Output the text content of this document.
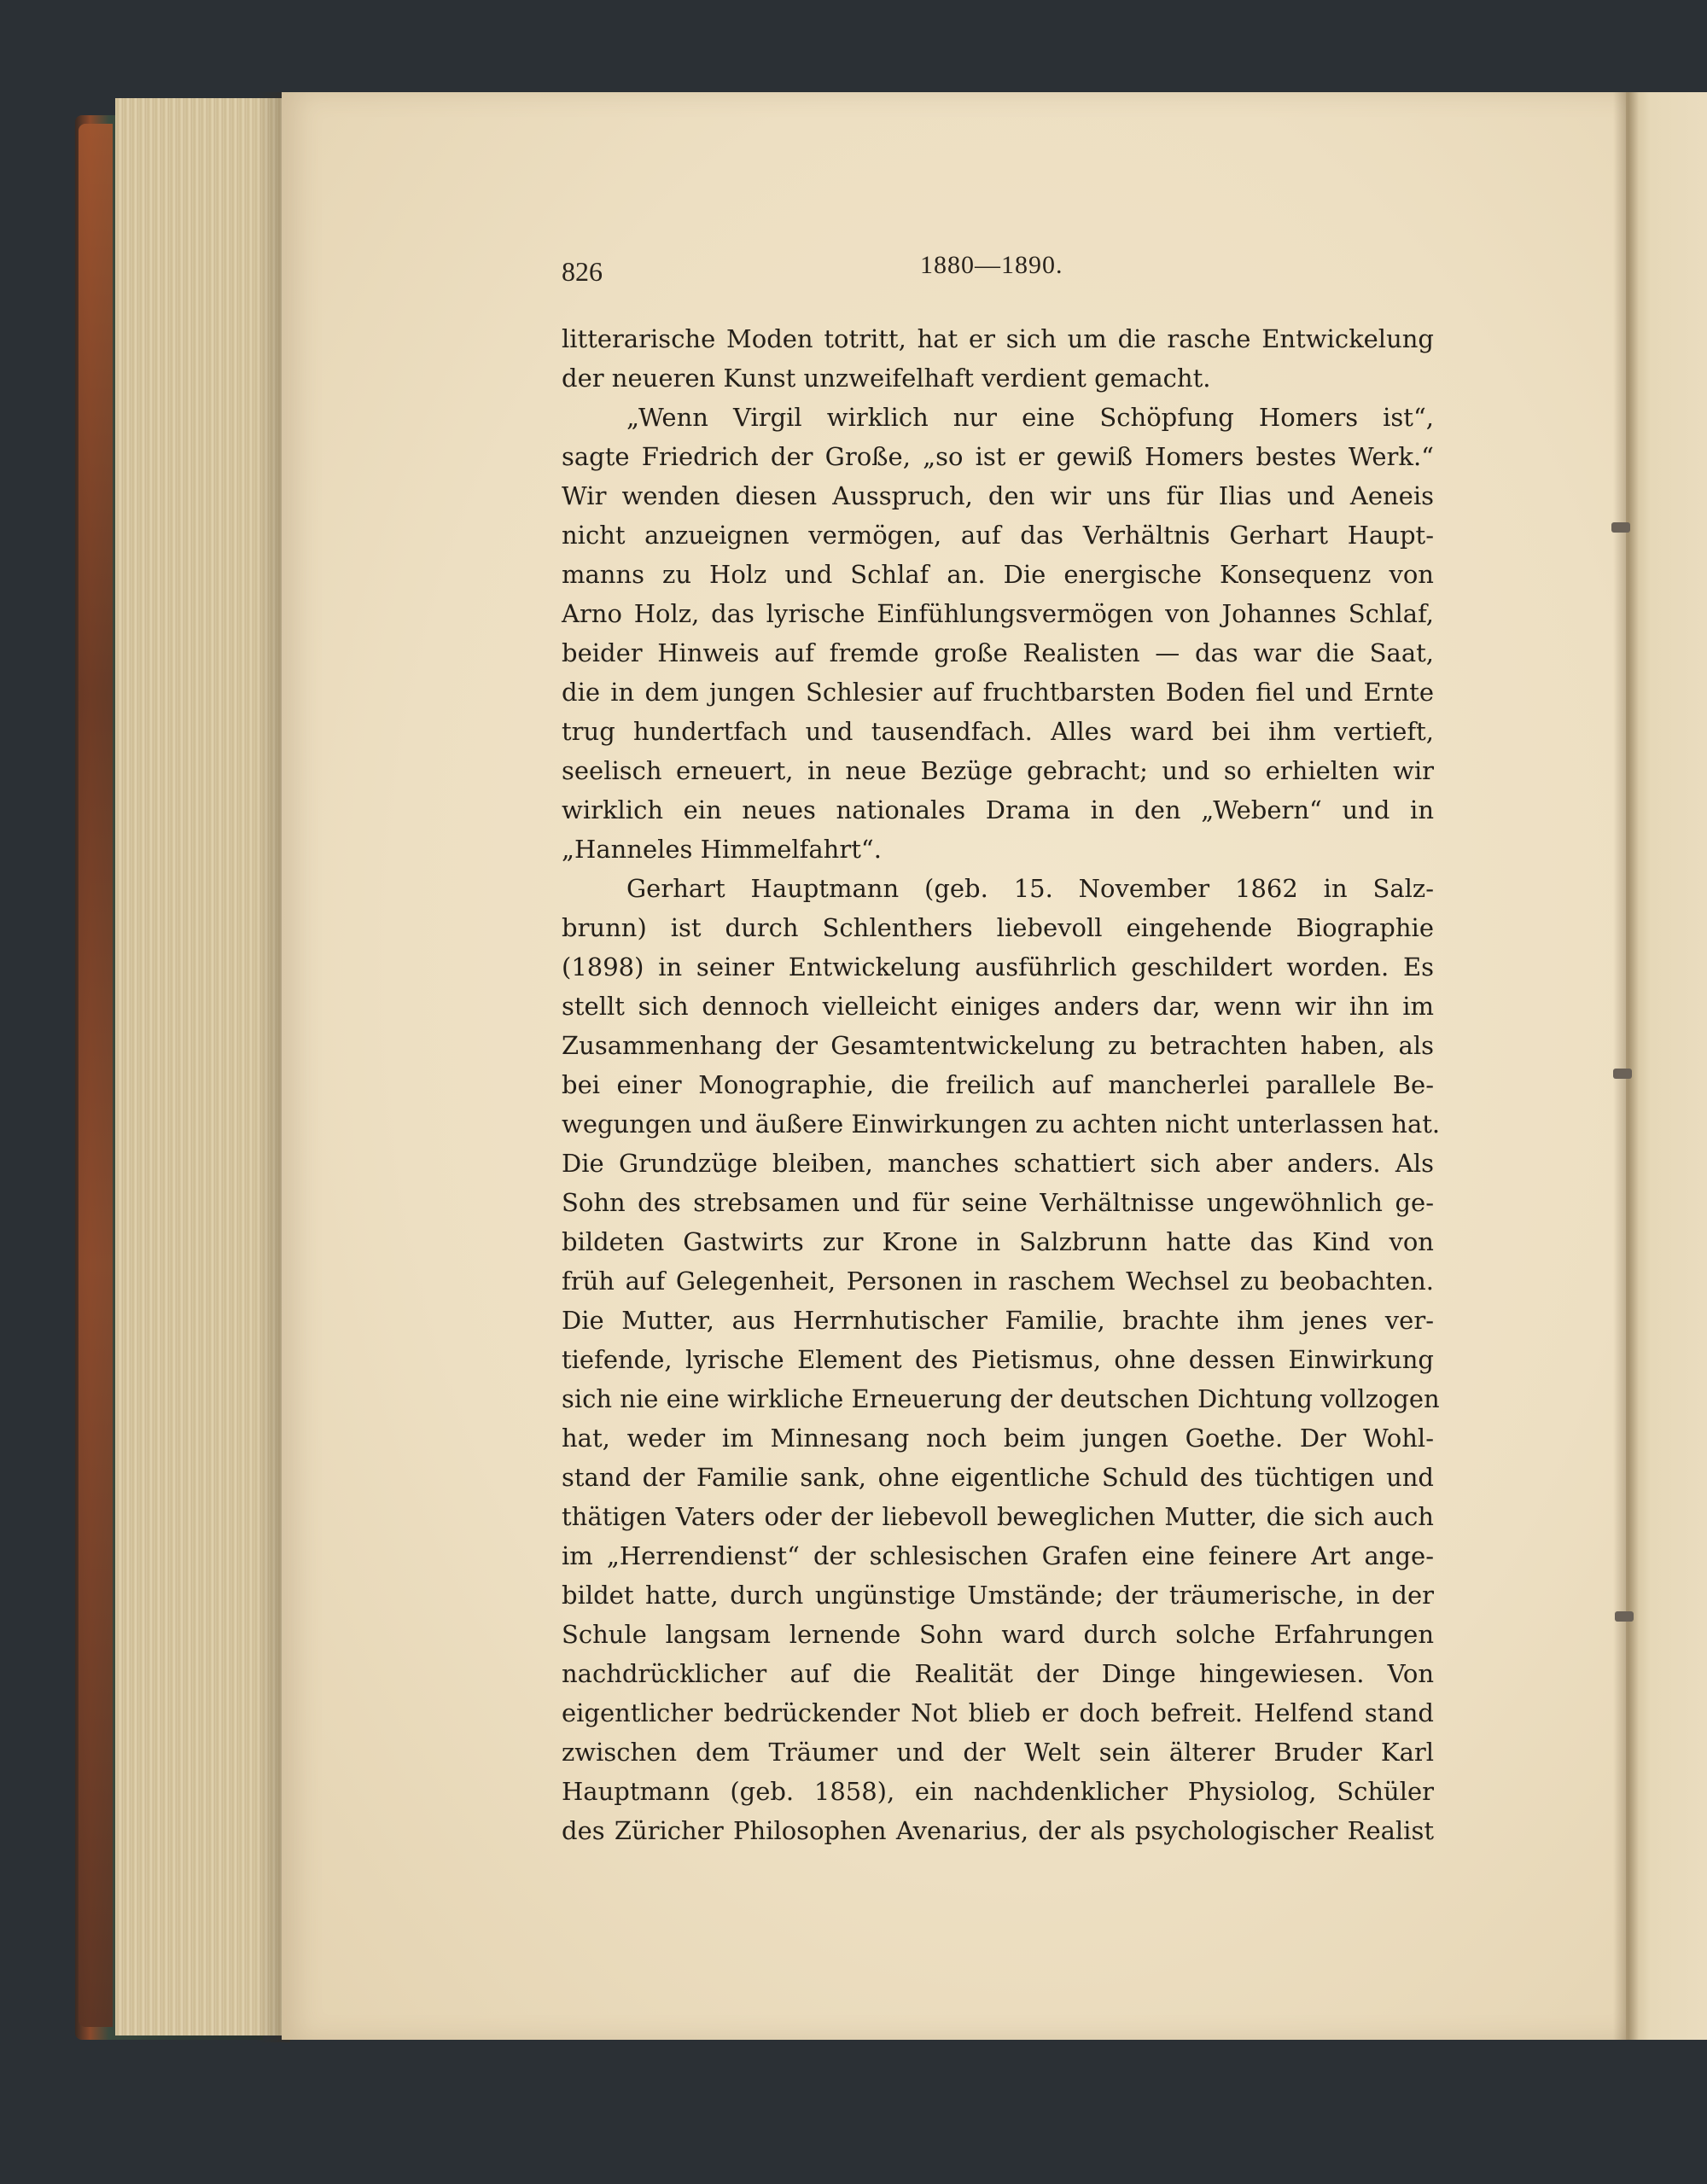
826	1880—1890.
litterarische Moden totritt, hat er sich um die rasche Entwickelung
der neueren Kunst unzweifelhaft verdient gemacht.
„Wenn Virgil wirklich nur eine Schöpfung Homers ist“,
sagte Friedrich der Große, „so ist er gewiß Homers bestes Werk.“
Wir wenden diesen Ausspruch, den wir uns für Ilias und Aeneis
nicht anzueignen vermögen, auf das Verhältnis Gerhart Haupt-
manns zu Holz und Schlaf an. Die energische Konsequenz von
Arno Holz, das lyrische Einfühlungsvermögen von Johannes Schlaf,
beider Hinweis auf fremde große Realisten — das war die Saat,
die in dem jungen Schlesier auf fruchtbarsten Boden fiel und Ernte
trug hundertfach und tausendfach. Alles ward bei ihm vertieft,
seelisch erneuert, in neue Bezüge gebracht; und so erhielten wir
wirklich ein neues nationales Drama in den „Webern“ und in
„Hanneles Himmelfahrt“.
Gerhart Hauptmann (geb. 15. November 1862 in Salz-
brunn) ist durch Schlenthers liebevoll eingehende Biographie
(1898) in seiner Entwickelung ausführlich geschildert worden. Es
stellt sich dennoch vielleicht einiges anders dar, wenn wir ihn im
Zusammenhang der Gesamtentwickelung zu betrachten haben, als
bei einer Monographie, die freilich auf mancherlei parallele Be-
wegungen und äußere Einwirkungen zu achten nicht unterlassen hat.
Die Grundzüge bleiben, manches schattiert sich aber anders. Als
Sohn des strebsamen und für seine Verhältnisse ungewöhnlich ge-
bildeten Gastwirts zur Krone in Salzbrunn hatte das Kind von
früh auf Gelegenheit, Personen in raschem Wechsel zu beobachten.
Die Mutter, aus Herrnhutischer Familie, brachte ihm jenes ver-
tiefende, lyrische Element des Pietismus, ohne dessen Einwirkung
sich nie eine wirkliche Erneuerung der deutschen Dichtung vollzogen
hat, weder im Minnesang noch beim jungen Goethe. Der Wohl-
stand der Familie sank, ohne eigentliche Schuld des tüchtigen und
thätigen Vaters oder der liebevoll beweglichen Mutter, die sich auch
im „Herrendienst“ der schlesischen Grafen eine feinere Art ange-
bildet hatte, durch ungünstige Umstände; der träumerische, in der
Schule langsam lernende Sohn ward durch solche Erfahrungen
nachdrücklicher auf die Realität der Dinge hingewiesen. Von
eigentlicher bedrückender Not blieb er doch befreit. Helfend stand
zwischen dem Träumer und der Welt sein älterer Bruder Karl
Hauptmann (geb. 1858), ein nachdenklicher Physiolog, Schüler
des Züricher Philosophen Avenarius, der als psychologischer Realist
